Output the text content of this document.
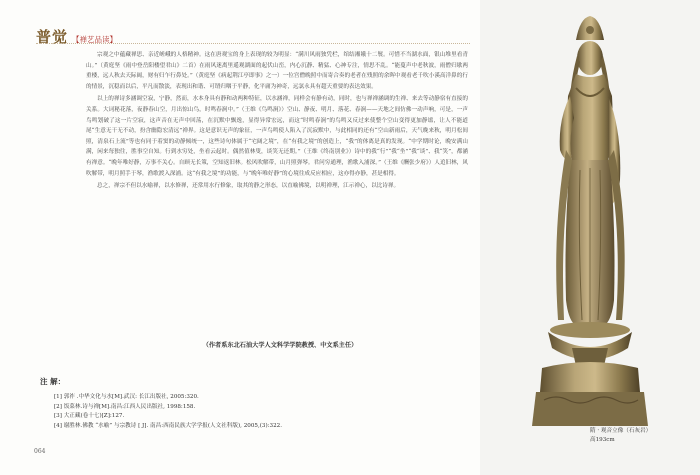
普觉 【禅艺品读】

宗观之中蕴藏禅思、亲近嵯峨的人格精神。这在唐观宝的身上表现的较为明显：“满川风雨独凭栏，绾结湘娥十二鬟。可惜不当湖水面，银山堆里看青山。”（黄庭坚《雨中登岳阳楼望君山》二首）在雨风迷离里遥观湖面的起伏山峦，内心沉静、精猛、心神专注，情思不乱。“能蔓声中老秋波，雨僧归歇两重楼，远人秋去天际阔，财有归乍行鼻处。”（黄庭坚《病起荆江亭即事》之一）一位宫僧晚照中而寄合奏的老者在残照的余晖中观看老千吹小溪高洋鼻的行的情景，沉稳而以后，平凡而散淡，表现出和谐、可谓归咽于平静，化平庸为神奇，远氯永具有超天重要的表达效果。

以上的禅诗多涵调空寂，宁静，然而，水本身具有静和动两种特征，以水涵禅，同样会有静有动，同时，也与禅禅涵调的生禅、来去等动静宿有直接的关系。大词秘花落，夜静春山空，月出惊山鸟，时鸣春涧中。”（王维《鸟鸣涧》）空山、静夜、明月、落花、春涧——天地之间仿佛一动声响，可是，一声鸟鸣划破了这一片空寂，这声音在无声中回荡，在沉默中飘逸，显得异常宏远，而这“时鸣春涧”的鸟鸣又反过来使整个空山变得更加静谧，让人不能道尾“生意无干无不动，扮含幽隐宏清远”禅界。这是意识无声的象征，一声鸟鸣使人陷入了沉寂默中，与此相同的还有“空山新雨后，天气晚来秋，明月松间照，清泉石上流”等也有同于着窦的动静倾统一，这些诗句体属于“宅阔之境”，在“有我之境”的创造上，“我”的体离是真的发现。“中学期时论，晚安满山满，闲来每独往，胜事空自知。行到水穷处，坐看云起时。偶然值林叟，谈笑无还期。”（王维《终南别业》）诗中的我“行”“我“坐”“我“谈”、我“笑”，都涵有禅意。“晚年唯好静，万事不关心。自顾无长策，空知返旧林。松风吹解带，山月照弹琴。君问穷通理，渔歌入浦深。”（王维《酬张少府》）人追旧林，风吹解带，明月照手于琴，渔歌渡入深浦。这“有我之境”的功能，与“晚年唯好静”的心境往成反应相应，这亦得亦静，甚是相得。

总之，禅宗不但以水喻禅，以水修禅，还常用水行修象，取其的静之形态，以直喻佛境，以明禅理，江示禅心，以比诗禅。

（作者系东北石油大学人文科学学院教授、中文系主任）
注 解：
[1] 郭祚 .中华文化与水[M].武汉: 长江出版社, 2005:320.
[2] 饭菜林.诗与禅[M].南昌:江西人民出版社, 1998:158.
[3] 大正藏(卷十七)[Z]:127.
[4] 谢胜林.佛教 “水喻” 与宗教诗 [ J]. 南昌:西南民族大学学报(人文社科版), 2005,(3):322.
064
隋 · 观音立像（石灰岩）
高193cm
